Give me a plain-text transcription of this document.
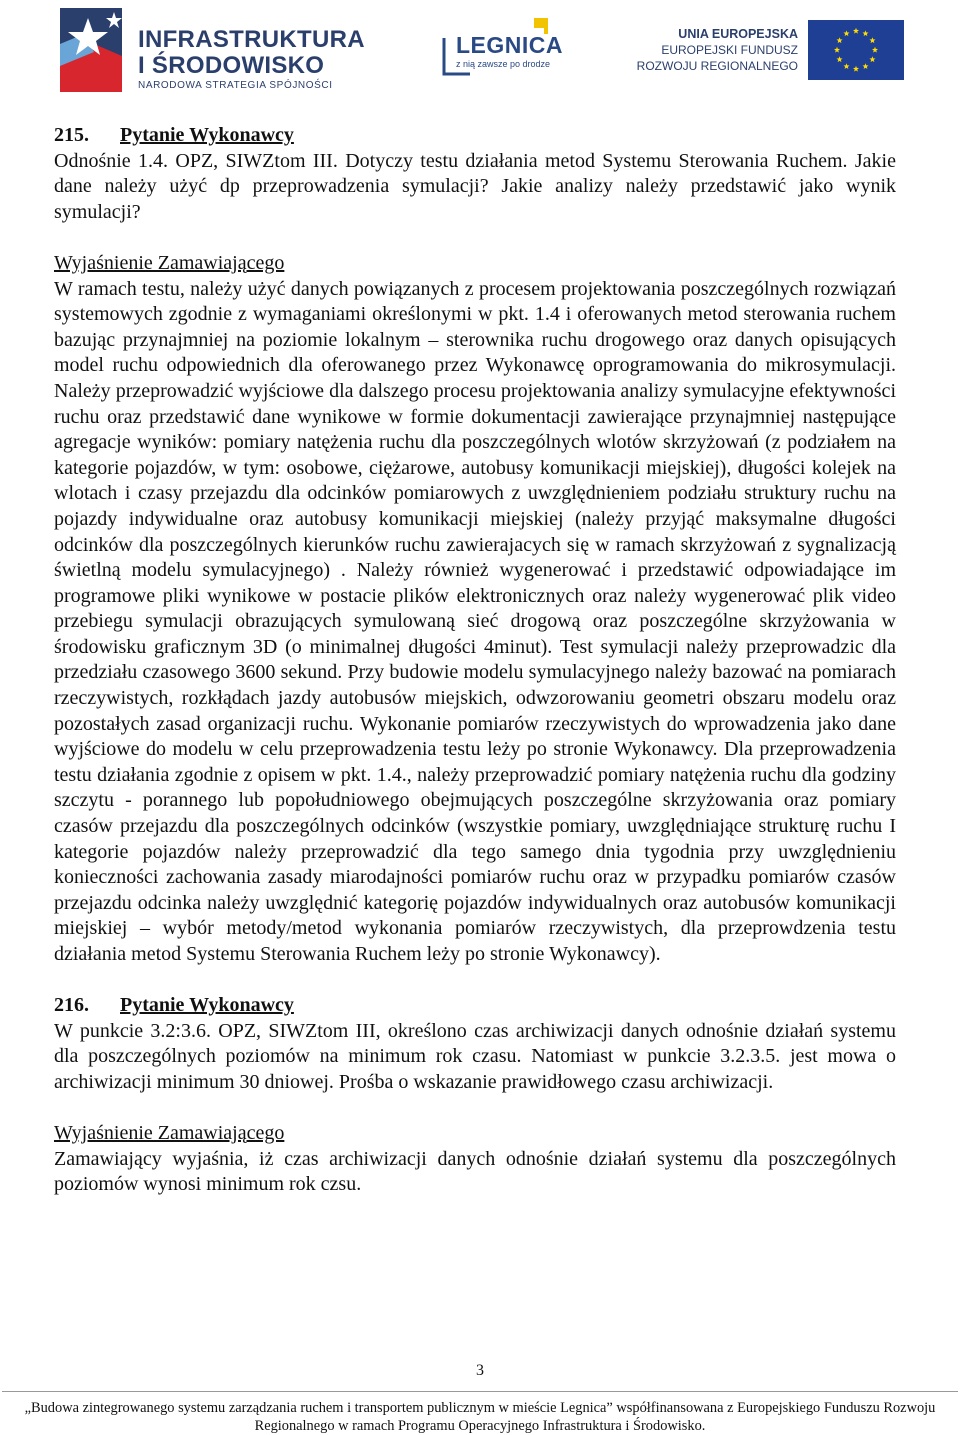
INFRASTRUKTURA
I ŚRODOWISKO
NARODOWA STRATEGIA SPÓJNOŚCI
LEGNICA
z nią zawsze po drodze
UNIA EUROPEJSKA
EUROPEJSKI FUNDUSZ
ROZWOJU REGIONALNEGO

215. Pytanie Wykonawcy

Odnośnie 1.4. OPZ, SIWZtom III. Dotyczy testu działania metod Systemu Sterowania Ruchem. Jakie dane należy użyć dp przeprowadzenia symulacji? Jakie analizy należy przedstawić jako wynik symulacji?

Wyjaśnienie Zamawiającego

W ramach testu, należy użyć danych powiązanych z procesem projektowania poszczególnych rozwiązań systemowych zgodnie z wymaganiami określonymi w pkt. 1.4 i oferowanych metod sterowania ruchem bazując przynajmniej na poziomie lokalnym – sterownika ruchu drogowego oraz danych opisujących model ruchu odpowiednich dla oferowanego przez Wykonawcę oprogramowania do mikrosymulacji. Należy przeprowadzić wyjściowe dla dalszego procesu projektowania analizy symulacyjne efektywności ruchu oraz przedstawić dane wynikowe w formie dokumentacji zawierające przynajmniej następujące agregacje wyników: pomiary natężenia ruchu dla poszczególnych wlotów skrzyżowań (z podziałem na kategorie pojazdów, w tym: osobowe, ciężarowe, autobusy komunikacji miejskiej), długości kolejek na wlotach i czasy przejazdu dla odcinków pomiarowych z uwzględnieniem podziału struktury ruchu na pojazdy indywidualne oraz autobusy komunikacji miejskiej (należy przyjąć maksymalne długości odcinków dla poszczególnych kierunków ruchu zawierajacych się w ramach skrzyżowań z sygnalizacją świetlną modelu symulacyjnego) . Należy również wygenerować i przedstawić odpowiadające im programowe pliki wynikowe w postacie plików elektronicznych oraz należy wygenerować plik video przebiegu symulacji obrazujących symulowaną sieć drogową oraz poszczególne skrzyżowania w środowisku graficznym 3D (o minimalnej długości 4minut). Test symulacji należy przeprowadzic dla przedziału czasowego 3600 sekund. Przy budowie modelu symulacyjnego należy bazować na pomiarach rzeczywistych, rozkłądach jazdy autobusów miejskich, odwzorowaniu geometri obszaru modelu oraz pozostałych zasad organizacji ruchu. Wykonanie pomiarów rzeczywistych do wprowadzenia jako dane wyjściowe do modelu w celu przeprowadzenia testu leży po stronie Wykonawcy. Dla przeprowadzenia testu działania zgodnie z opisem w pkt. 1.4., należy przeprowadzić pomiary natężenia ruchu dla godziny szczytu - porannego lub popołudniowego obejmujących poszczególne skrzyżowania oraz pomiary czasów przejazdu dla poszczególnych odcinków (wszystkie pomiary, uwzględniające strukturę ruchu I kategorie pojazdów należy przeprowadzić dla tego samego dnia tygodnia przy uwzględnieniu konieczności zachowania zasady miarodajności pomiarów ruchu oraz w przypadku pomiarów czasów przejazdu odcinka należy uwzględnić kategorię pojazdów indywidualnych oraz autobusów komunikacji miejskiej – wybór metody/metod wykonania pomiarów rzeczywistych, dla przeprowdzenia testu działania metod Systemu Sterowania Ruchem leży po stronie Wykonawcy).

216. Pytanie Wykonawcy

W punkcie 3.2:3.6. OPZ, SIWZtom III, określono czas archiwizacji danych odnośnie działań systemu dla poszczególnych poziomów na minimum rok czasu. Natomiast w punkcie 3.2.3.5. jest mowa o archiwizacji minimum 30 dniowej. Prośba o wskazanie prawidłowego czasu archiwizacji.

Wyjaśnienie Zamawiającego

Zamawiający wyjaśnia, iż czas archiwizacji danych odnośnie działań systemu dla poszczególnych poziomów wynosi minimum rok czsu.

3
„Budowa zintegrowanego systemu zarządzania ruchem i transportem publicznym w mieście Legnica” współfinansowana z Europejskiego Funduszu Rozwoju
Regionalnego w ramach Programu Operacyjnego Infrastruktura i Środowisko.
